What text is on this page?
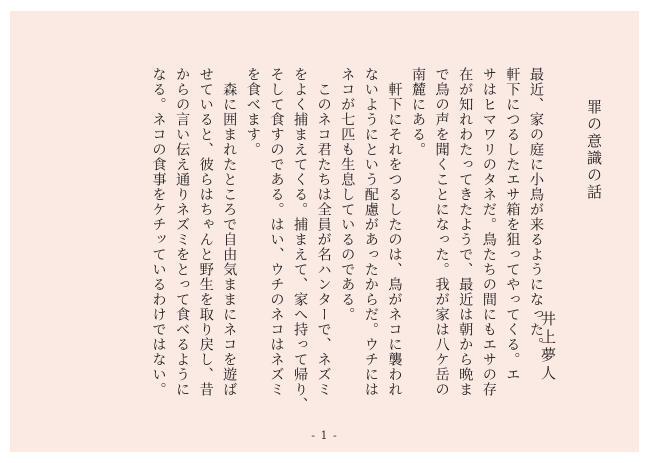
罪の意識の話
井上夢人
最近、家の庭に小鳥が来るようになった。
軒下につるしたエサ箱を狙ってやってくる。エ
サはヒマワリのタネだ。鳥たちの間にもエサの存
在が知れわたってきたようで、最近は朝から晩ま
で鳥の声を聞くことになった。我が家は八ケ岳の
南麓にある。
　軒下にそれをつるしたのは、鳥がネコに襲われ
ないようにという配慮があったからだ。ウチには
ネコが七匹も生息しているのである。
　このネコ君たちは全員が名ハンターで、ネズミ
をよく捕まえてくる。捕まえて、家へ持って帰り、
そして食すのである。はい、ウチのネコはネズミ
を食べます。
　森に囲まれたところで自由気ままにネコを遊ば
せていると、彼らはちゃんと野生を取り戻し、昔
からの言い伝え通りネズミをとって食べるように
なる。ネコの食事をケチッているわけではない。
- 1 -
